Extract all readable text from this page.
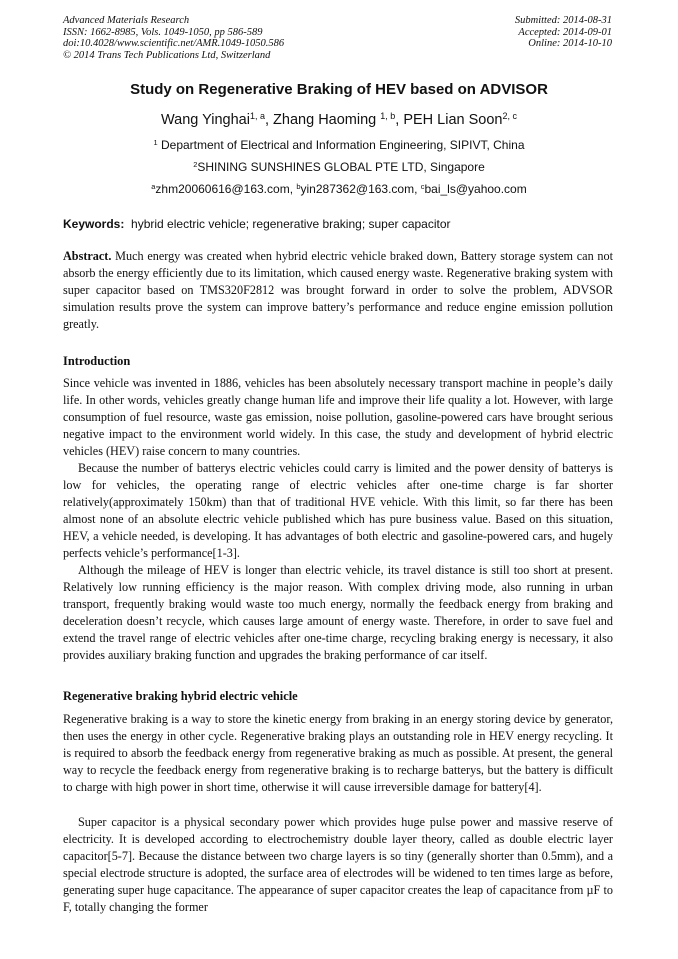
Advanced Materials Research
ISSN: 1662-8985, Vols. 1049-1050, pp 586-589
doi:10.4028/www.scientific.net/AMR.1049-1050.586
© 2014 Trans Tech Publications Ltd, Switzerland
Submitted: 2014-08-31
Accepted: 2014-09-01
Online: 2014-10-10
Study on Regenerative Braking of HEV based on ADVISOR
Wang Yinghai$^{1, a}$, Zhang Haoming $^{1, b}$, PEH Lian Soon$^{2, c}$
$^1$ Department of Electrical and Information Engineering, SIPIVT, China
$^2$SHINING SUNSHINES GLOBAL PTE LTD, Singapore
$^a$zhm20060616@163.com, $^b$yin287362@163.com, $^c$bai_ls@yahoo.com
Keywords: hybrid electric vehicle; regenerative braking; super capacitor

Abstract. Much energy was created when hybrid electric vehicle braked down, Battery storage system can not absorb the energy efficiently due to its limitation, which caused energy waste. Regenerative braking system with super capacitor based on TMS320F2812 was brought forward in order to solve the problem, ADVSOR simulation results prove the system can improve battery’s performance and reduce engine emission pollution greatly.

Introduction

Since vehicle was invented in 1886, vehicles has been absolutely necessary transport machine in people’s daily life. In other words, vehicles greatly change human life and improve their life quality a lot. However, with large consumption of fuel resource, waste gas emission, noise pollution, gasoline-powered cars have brought serious negative impact to the environment world widely. In this case, the study and development of hybrid electric vehicles (HEV) raise concern to many countries.

Because the number of batterys electric vehicles could carry is limited and the power density of batterys is low for vehicles, the operating range of electric vehicles after one-time charge is far shorter relatively(approximately 150km) than that of traditional HVE vehicle. With this limit, so far there has been almost none of an absolute electric vehicle published which has pure business value. Based on this situation, HEV, a vehicle needed, is developing. It has advantages of both electric and gasoline-powered cars, and hugely perfects vehicle’s performance[1-3].

Although the mileage of HEV is longer than electric vehicle, its travel distance is still too short at present. Relatively low running efficiency is the major reason. With complex driving mode, also running in urban transport, frequently braking would waste too much energy, normally the feedback energy from braking and deceleration doesn’t recycle, which causes large amount of energy waste. Therefore, in order to save fuel and extend the travel range of electric vehicles after one-time charge, recycling braking energy is necessary, it also provides auxiliary braking function and upgrades the braking performance of car itself.

Regenerative braking hybrid electric vehicle

Regenerative braking is a way to store the kinetic energy from braking in an energy storing device by generator, then uses the energy in other cycle. Regenerative braking plays an outstanding role in HEV energy recycling. It is required to absorb the feedback energy from regenerative braking as much as possible. At present, the general way to recycle the feedback energy from regenerative braking is to recharge batterys, but the battery is difficult to charge with high power in short time, otherwise it will cause irreversible damage for battery[4].

Super capacitor is a physical secondary power which provides huge pulse power and massive reserve of electricity. It is developed according to electrochemistry double layer theory, called as double electric layer capacitor[5-7]. Because the distance between two charge layers is so tiny (generally shorter than 0.5mm), and a special electrode structure is adopted, the surface area of electrodes will be widened to ten times large as before, generating super huge capacitance. The appearance of super capacitor creates the leap of capacitance from µF to F, totally changing the former
